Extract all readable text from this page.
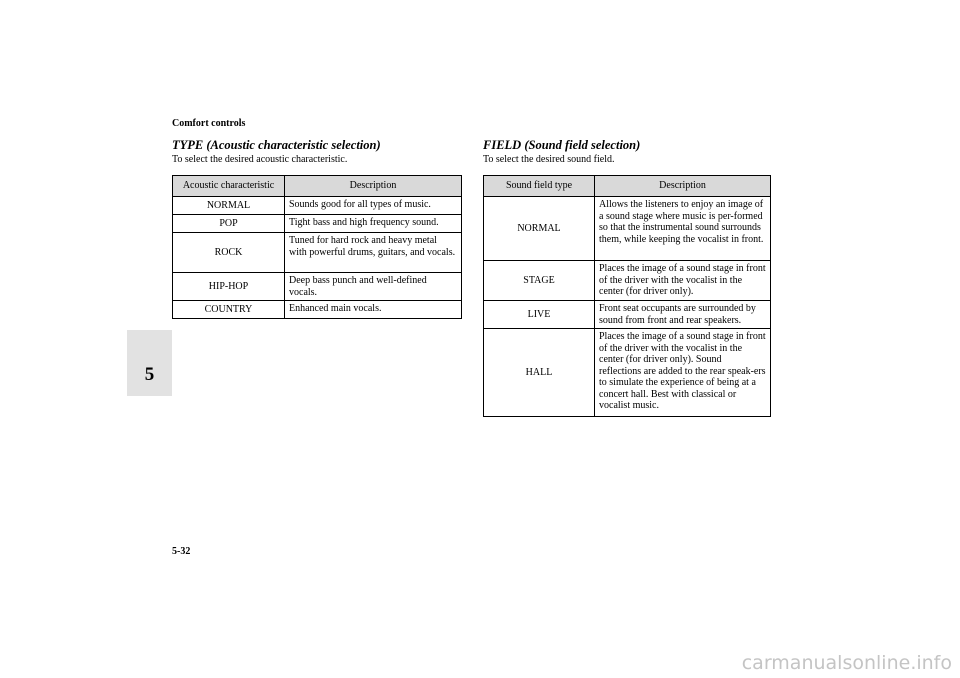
Comfort controls
5
TYPE (Acoustic characteristic selection)
To select the desired acoustic characteristic.
Acoustic characteristic	Description
NORMAL	Sounds good for all types of music.
POP	Tight bass and high frequency sound.
ROCK	Tuned for hard rock and heavy metal with powerful drums, guitars, and vocals.
HIP-HOP	Deep bass punch and well-defined vocals.
COUNTRY	Enhanced main vocals.
FIELD (Sound field selection)
To select the desired sound field.
Sound field type	Description
NORMAL	Allows the listeners to enjoy an image of a sound stage where music is per-formed so that the instrumental sound surrounds them, while keeping the vocalist in front.
STAGE	Places the image of a sound stage in front of the driver with the vocalist in the center (for driver only).
LIVE	Front seat occupants are surrounded by sound from front and rear speakers.
HALL	Places the image of a sound stage in front of the driver with the vocalist in the center (for driver only). Sound reflections are added to the rear speak-ers to simulate the experience of being at a concert hall. Best with classical or vocalist music.
5-32
carmanualsonline.info
